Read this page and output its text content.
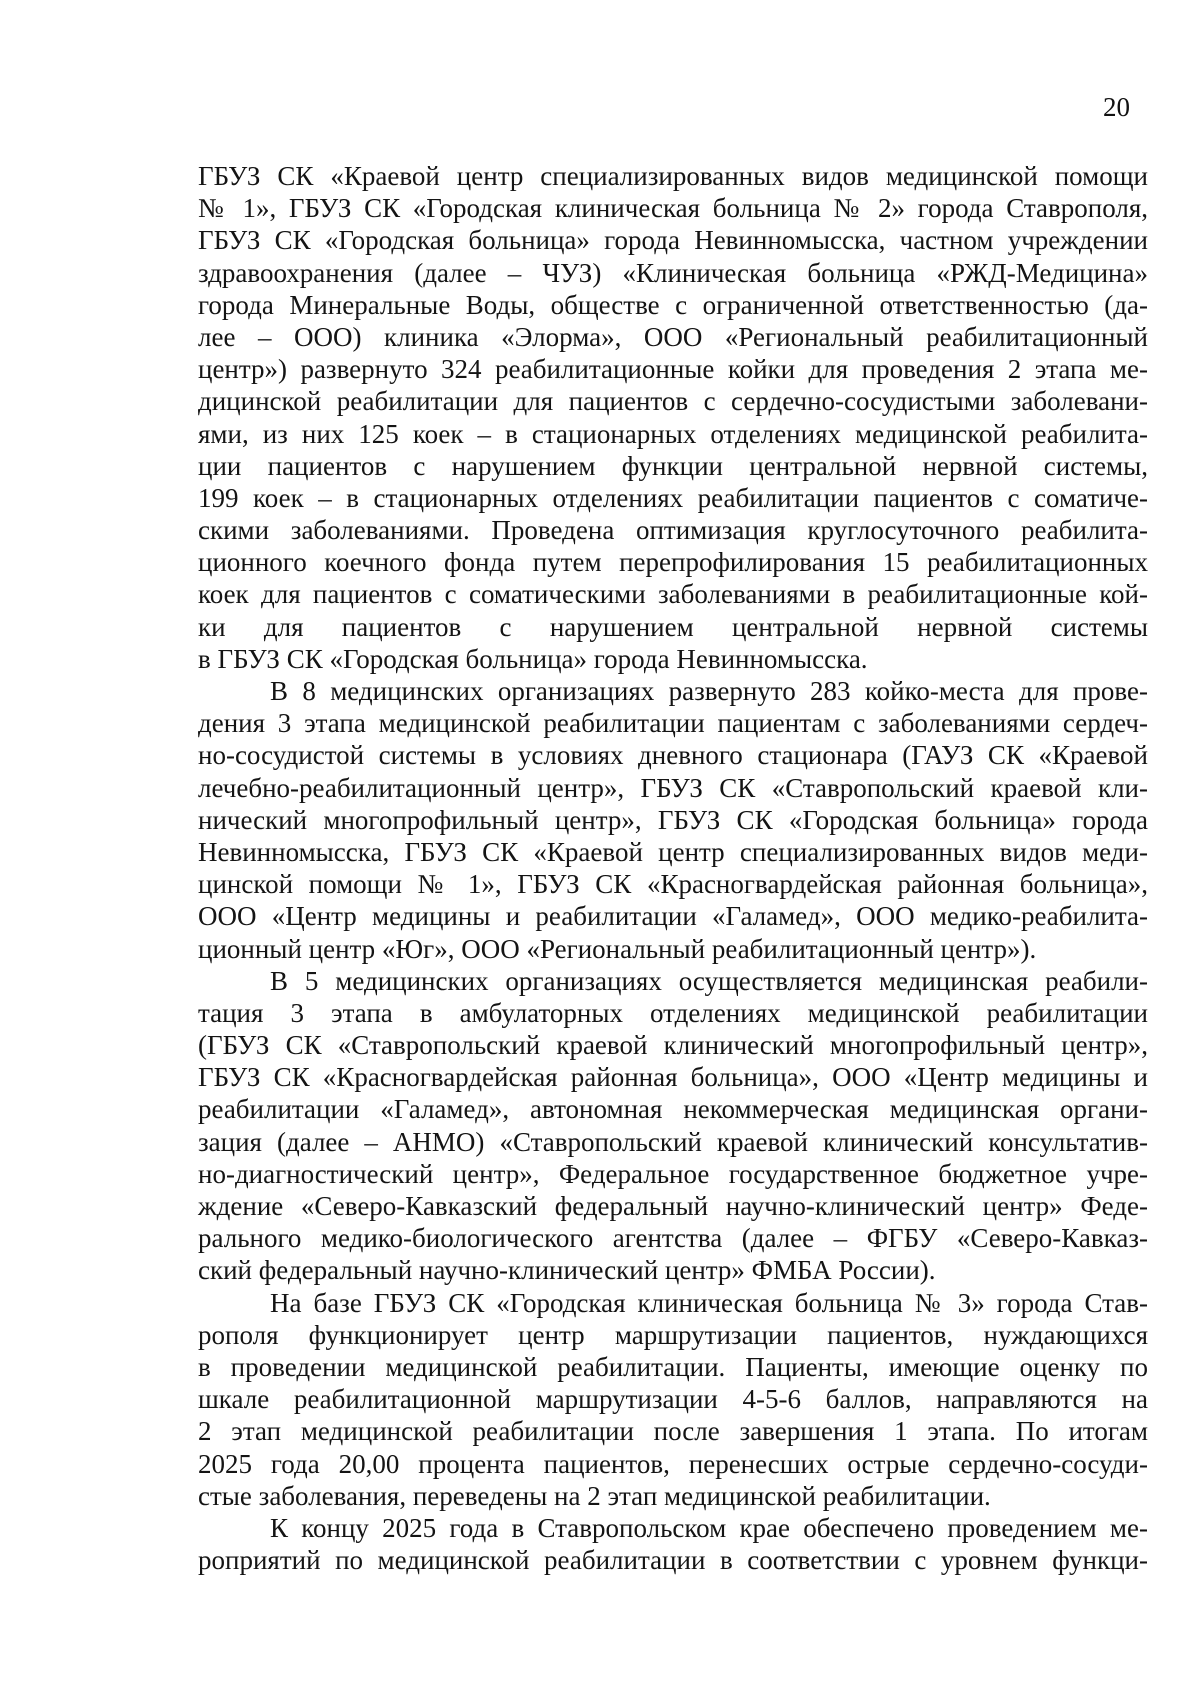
20
ГБУЗ СК «Краевой центр специализированных видов медицинской помощи
№ 1», ГБУЗ СК «Городская клиническая больница № 2» города Ставрополя,
ГБУЗ СК «Городская больница» города Невинномысска, частном учреждении
здравоохранения (далее – ЧУЗ) «Клиническая больница «РЖД-Медицина»
города Минеральные Воды, обществе с ограниченной ответственностью (да-
лее – ООО) клиника «Элорма», ООО «Региональный реабилитационный
центр») развернуто 324 реабилитационные койки для проведения 2 этапа ме-
дицинской реабилитации для пациентов с сердечно-сосудистыми заболевани-
ями, из них 125 коек – в стационарных отделениях медицинской реабилита-
ции пациентов с нарушением функции центральной нервной системы,
199 коек – в стационарных отделениях реабилитации пациентов с соматиче-
скими заболеваниями. Проведена оптимизация круглосуточного реабилита-
ционного коечного фонда путем перепрофилирования 15 реабилитационных
коек для пациентов с соматическими заболеваниями в реабилитационные кой-
ки для пациентов с нарушением центральной нервной системы
в ГБУЗ СК «Городская больница» города Невинномысска.
В 8 медицинских организациях развернуто 283 койко-места для прове-
дения 3 этапа медицинской реабилитации пациентам с заболеваниями сердеч-
но-сосудистой системы в условиях дневного стационара (ГАУЗ СК «Краевой
лечебно-реабилитационный центр», ГБУЗ СК «Ставропольский краевой кли-
нический многопрофильный центр», ГБУЗ СК «Городская больница» города
Невинномысска, ГБУЗ СК «Краевой центр специализированных видов меди-
цинской помощи № 1», ГБУЗ СК «Красногвардейская районная больница»,
ООО «Центр медицины и реабилитации «Галамед», ООО медико-реабилита-
ционный центр «Юг», ООО «Региональный реабилитационный центр»).
В 5 медицинских организациях осуществляется медицинская реабили-
тация 3 этапа в амбулаторных отделениях медицинской реабилитации
(ГБУЗ СК «Ставропольский краевой клинический многопрофильный центр»,
ГБУЗ СК «Красногвардейская районная больница», ООО «Центр медицины и
реабилитации «Галамед», автономная некоммерческая медицинская органи-
зация (далее – АНМО) «Ставропольский краевой клинический консультатив-
но-диагностический центр», Федеральное государственное бюджетное учре-
ждение «Северо-Кавказский федеральный научно-клинический центр» Феде-
рального медико-биологического агентства (далее – ФГБУ «Северо-Кавказ-
ский федеральный научно-клинический центр» ФМБА России).
На базе ГБУЗ СК «Городская клиническая больница № 3» города Став-
рополя функционирует центр маршрутизации пациентов, нуждающихся
в проведении медицинской реабилитации. Пациенты, имеющие оценку по
шкале реабилитационной маршрутизации 4-5-6 баллов, направляются на
2 этап медицинской реабилитации после завершения 1 этапа. По итогам
2025 года 20,00 процента пациентов, перенесших острые сердечно-сосуди-
стые заболевания, переведены на 2 этап медицинской реабилитации.
К концу 2025 года в Ставропольском крае обеспечено проведением ме-
роприятий по медицинской реабилитации в соответствии с уровнем функци-
